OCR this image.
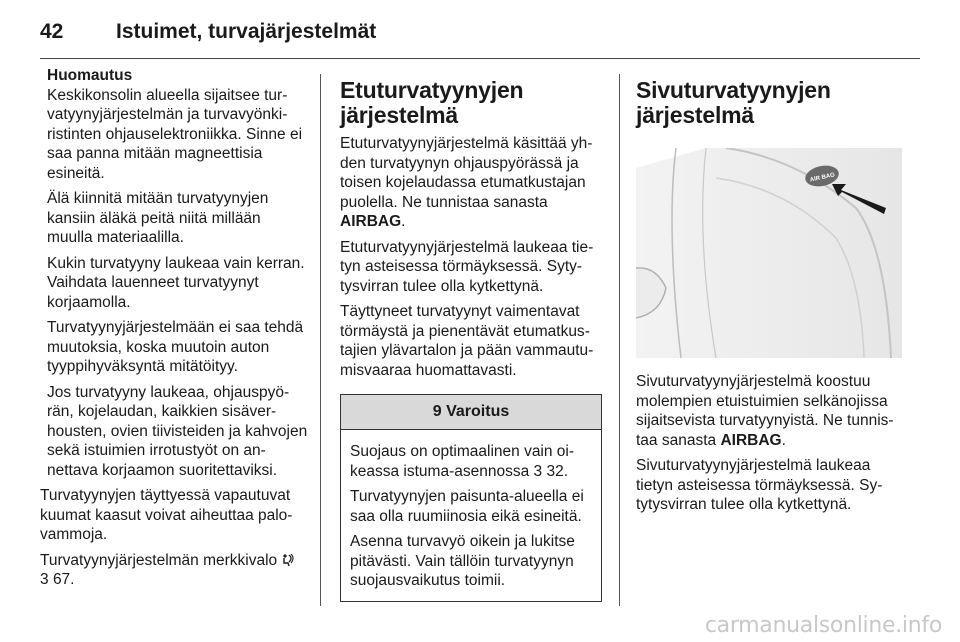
42	Istuimet, turvajärjestelmät
Huomautus

Keskikonsolin alueella sijaitsee turvatyynyjärjestelmän ja turvavyönkiristinten ohjauselektroniikka. Sinne ei saa panna mitään magneettisia esineitä.

Älä kiinnitä mitään turvatyynyjen kansiin äläkä peitä niitä millään muulla materiaalilla.

Kukin turvatyyny laukeaa vain kerran. Vaihdata lauenneet turvatyynyt korjaamolla.

Turvatyynyjärjestelmään ei saa tehdä muutoksia, koska muutoin auton tyyppihyväksyntä mitätöityy.

Jos turvatyyny laukeaa, ohjauspyörän, kojelaudan, kaikkien sisäverhousten, ovien tiivisteiden ja kahvojen sekä istuimien irrotustyöt on annettava korjaamon suoritettaviksi.

Turvatyynyjen täyttyessä vapautuvat kuumat kaasut voivat aiheuttaa palovammoja.

Turvatyynyjärjestelmän merkkivalo
3 67.

Etuturvatyynyjen järjestelmä

Etuturvatyynyjärjestelmä käsittää yhden turvatyynyn ohjauspyörässä ja toisen kojelaudassa etumatkustajan puolella. Ne tunnistaa sanasta AIRBAG.

Etuturvatyynyjärjestelmä laukeaa tietyn asteisessa törmäyksessä. Sytytysvirran tulee olla kytkettynä.

Täyttyneet turvatyynyt vaimentavat törmäystä ja pienentävät etumatkustajien ylävartalon ja pään vammautumisvaaraa huomattavasti.

9 Varoitus

Suojaus on optimaalinen vain oikeassa istuma-asennossa 3 32.

Turvatyynyjen paisunta-alueella ei saa olla ruumiinosia eikä esineitä.

Asenna turvavyö oikein ja lukitse pitävästi. Vain tällöin turvatyynyn suojausvaikutus toimii.

Sivuturvatyynyjen järjestelmä
AIR BAG

Sivuturvatyynyjärjestelmä koostuu molempien etuistuimien selkänojissa sijaitsevista turvatyynyistä. Ne tunnistaa sanasta AIRBAG.

Sivuturvatyynyjärjestelmä laukeaa tietyn asteisessa törmäyksessä. Sytytysvirran tulee olla kytkettynä.

carmanualsonline.info
